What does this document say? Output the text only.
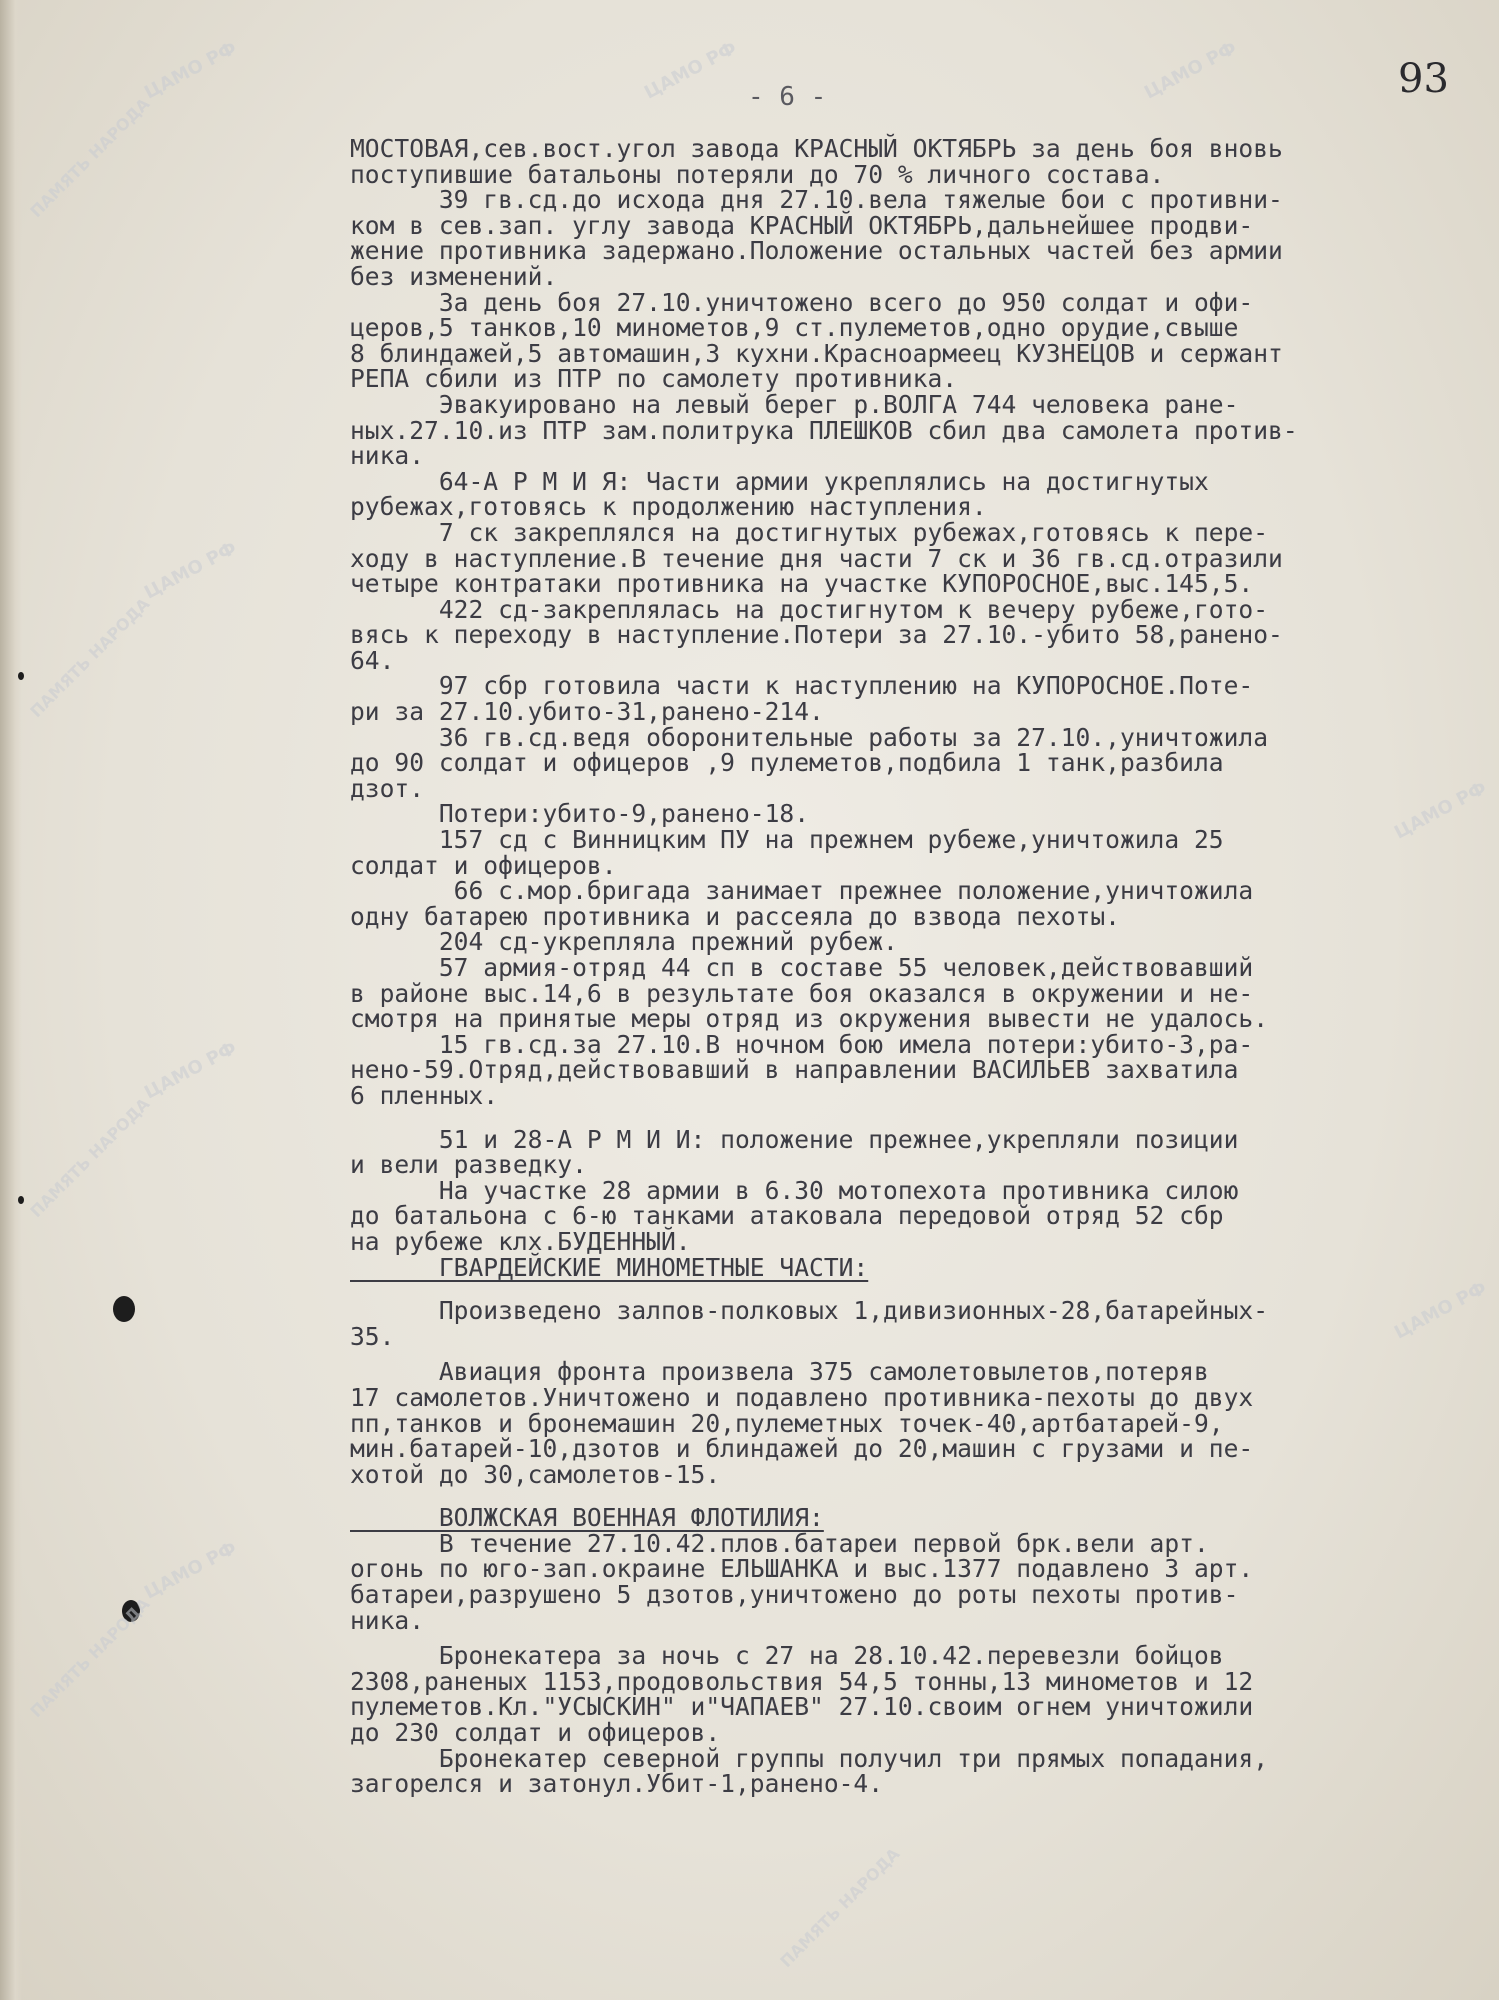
ЦАМО РФ	ЦАМО РФ	ЦАМО РФ
ЦАМО РФ
ЦАМО РФ
ЦАМО РФ
ЦАМО РФ
ЦАМО РФ
ПАМЯТЬ НАРОДА
ПАМЯТЬ НАРОДА
ПАМЯТЬ НАРОДА
ПАМЯТЬ НАРОДА
ПАМЯТЬ НАРОДА
93
- 6 -
МОСТОВАЯ,сев.вост.угол завода КРАСНЫЙ ОКТЯБРЬ за день боя вновь
поступившие батальоны потеряли до 70 % личного состава.
39 гв.сд.до исхода дня 27.10.вела тяжелые бои с противни-
ком в сев.зап. углу завода КРАСНЫЙ ОКТЯБРЬ,дальнейшее продви-
жение противника задержано.Положение остальных частей без армии
без изменений.
За день боя 27.10.уничтожено всего до 950 солдат и офи-
церов,5 танков,10 минометов,9 ст.пулеметов,одно орудие,свыше
8 блиндажей,5 автомашин,3 кухни.Красноармеец КУЗНЕЦОВ и сержант
РЕПА сбили из ПТР по самолету противника.
Эвакуировано на левый берег р.ВОЛГА 744 человека ране-
ных.27.10.из ПТР зам.политрука ПЛЕШКОВ сбил два самолета против-
ника.
64-А Р М И Я: Части армии укреплялись на достигнутых
рубежах,готовясь к продолжению наступления.
7 ск закреплялся на достигнутых рубежах,готовясь к пере-
ходу в наступление.В течение дня части 7 ск и 36 гв.сд.отразили
четыре контратаки противника на участке КУПОРОСНОЕ,выс.145,5.
422 сд-закреплялась на достигнутом к вечеру рубеже,гото-
вясь к переходу в наступление.Потери за 27.10.-убито 58,ранено-
64.
97 сбр готовила части к наступлению на КУПОРОСНОЕ.Поте-
ри за 27.10.убито-31,ранено-214.
36 гв.сд.ведя оборонительные работы за 27.10.,уничтожила
до 90 солдат и офицеров ,9 пулеметов,подбила 1 танк,разбила
дзот.
Потери:убито-9,ранено-18.
157 сд с Винницким ПУ на прежнем рубеже,уничтожила 25
солдат и офицеров.
66 с.мор.бригада занимает прежнее положение,уничтожила
одну батарею противника и рассеяла до взвода пехоты.
204 сд-укрепляла прежний рубеж.
57 армия-отряд 44 сп в составе 55 человек,действовавший
в районе выс.14,6 в результате боя оказался в окружении и не-
смотря на принятые меры отряд из окружения вывести не удалось.
15 гв.сд.за 27.10.В ночном бою имела потери:убито-3,ра-
нено-59.Отряд,действовавший в направлении ВАСИЛЬЕВ захватила
6 пленных.
51 и 28-А Р М И И: положение прежнее,укрепляли позиции
и вели разведку.
На участке 28 армии в 6.30 мотопехота противника силою
до батальона с 6-ю танками атаковала передовой отряд 52 сбр
на рубеже клх.БУДЕННЫЙ.
ГВАРДЕЙСКИЕ МИНОМЕТНЫЕ ЧАСТИ:
Произведено залпов-полковых 1,дивизионных-28,батарейных-
35.
Авиация фронта произвела 375 самолетовылетов,потеряв
17 самолетов.Уничтожено и подавлено противника-пехоты до двух
пп,танков и бронемашин 20,пулеметных точек-40,артбатарей-9,
мин.батарей-10,дзотов и блиндажей до 20,машин с грузами и пе-
хотой до 30,самолетов-15.
ВОЛЖСКАЯ ВОЕННАЯ ФЛОТИЛИЯ:
В течение 27.10.42.плов.батареи первой брк.вели арт.
огонь по юго-зап.окраине ЕЛЬШАНКА и выс.1377 подавлено 3 арт.
батареи,разрушено 5 дзотов,уничтожено до роты пехоты против-
ника.
Бронекатера за ночь с 27 на 28.10.42.перевезли бойцов
2308,раненых 1153,продовольствия 54,5 тонны,13 минометов и 12
пулеметов.Кл."УСЫСКИН" и"ЧАПАЕВ" 27.10.своим огнем уничтожили
до 230 солдат и офицеров.
Бронекатер северной группы получил три прямых попадания,
загорелся и затонул.Убит-1,ранено-4.
